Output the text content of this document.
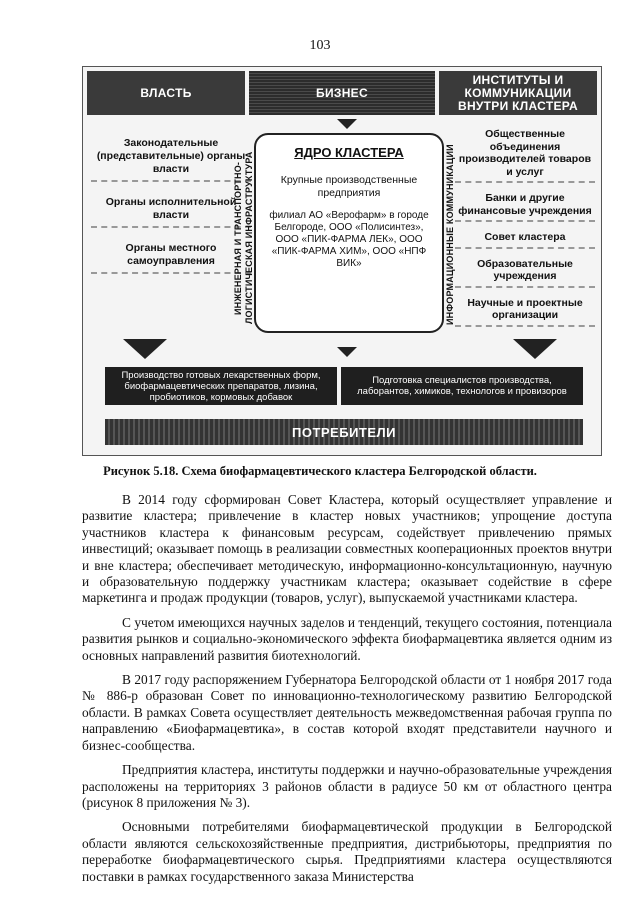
103
ВЛАСТЬ	БИЗНЕС
ИНСТИТУТЫ И КОММУНИКАЦИИ ВНУТРИ КЛАСТЕРА
Законодательные (представительные) органы власти
Органы исполнительной власти
Органы местного самоуправления	ИНЖЕНЕРНАЯ И ТРАНСПОРТНО-ЛОГИСТИЧЕСКАЯ ИНФРАСТРУКТУРА	ЯДРО КЛАСТЕРА
Крупные производственные предприятия
филиал АО «Верофарм» в городе Белгороде, ООО «Полисинтез», ООО «ПИК-ФАРМА ЛЕК», ООО «ПИК-ФАРМА ХИМ», ООО «НПФ ВИК»	ИНФОРМАЦИОННЫЕ КОММУНИКАЦИИ
Общественные объединения производителей товаров и услуг
Банки и другие финансовые учреждения
Совет кластера
Образовательные учреждения
Научные и проектные организации
Производство готовых лекарственных форм, биофармацевтических препаратов, лизина, пробиотиков, кормовых добавок
Подготовка специалистов производства, лаборантов, химиков, технологов и провизоров
ПОТРЕБИТЕЛИ
Рисунок 5.18. Схема биофармацевтического кластера Белгородской области.

В 2014 году сформирован Совет Кластера, который осуществляет управление и развитие кластера; привлечение в кластер новых участников; упрощение доступа участников кластера к финансовым ресурсам, содействует привлечению прямых инвестиций; оказывает помощь в реализации совместных кооперационных проектов внутри и вне кластера; обеспечивает методическую, информационно-консультационную, научную и образовательную поддержку участникам кластера; оказывает содействие в сфере маркетинга и продаж продукции (товаров, услуг), выпускаемой участниками кластера.

С учетом имеющихся научных заделов и тенденций, текущего состояния, потенциала развития рынков и социально-экономического эффекта биофармацевтика является одним из основных направлений развития биотехнологий.

В 2017 году распоряжением Губернатора Белгородской области от 1 ноября 2017 года № 886-р образован Совет по инновационно-технологическому развитию Белгородской области. В рамках Совета осуществляет деятельность межведомственная рабочая группа по направлению «Биофармацевтика», в состав которой входят представители научного и бизнес-сообщества.

Предприятия кластера, институты поддержки и научно-образовательные учреждения расположены на территориях 3 районов области в радиусе 50 км от областного центра (рисунок 8 приложения № 3).

Основными потребителями биофармацевтической продукции в Белгородской области являются сельскохозяйственные предприятия, дистрибьюторы, предприятия по переработке биофармацевтического сырья. Предприятиями кластера осуществляются поставки в рамках государственного заказа Министерства
